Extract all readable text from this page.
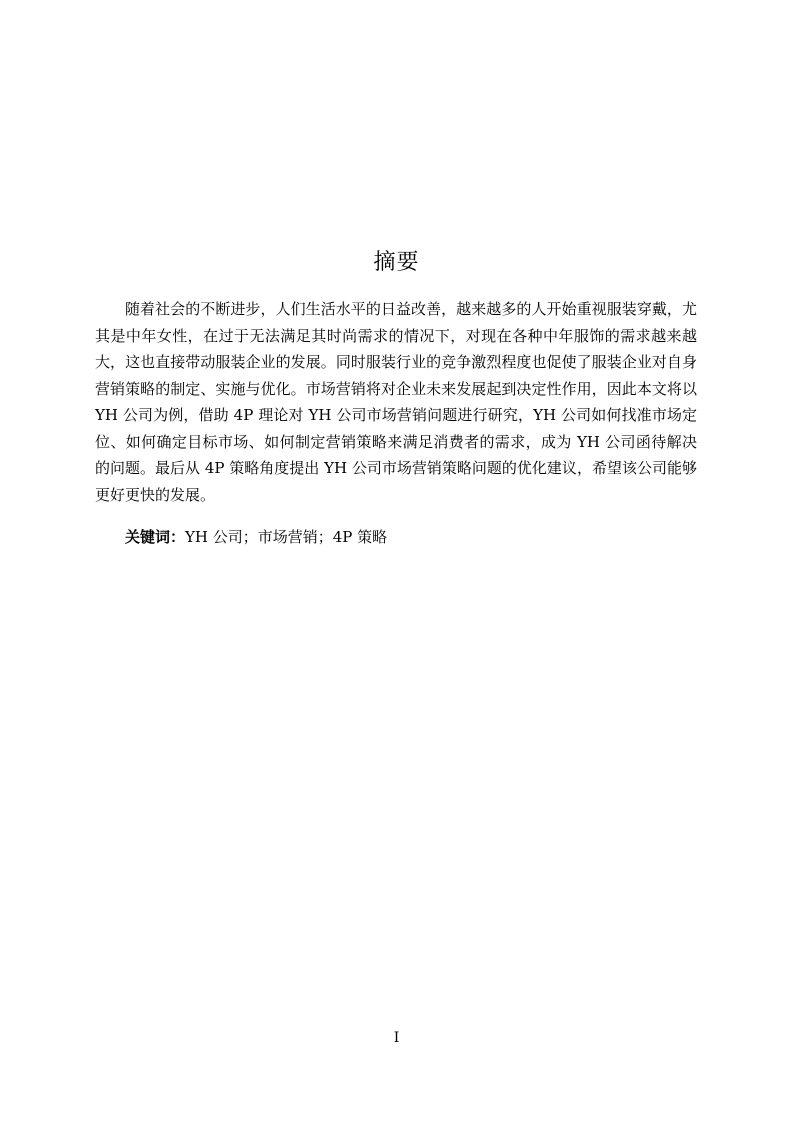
摘要

随着社会的不断进步，人们生活水平的日益改善，越来越多的人开始重视服装穿戴，尤其是中年女性，在过于无法满足其时尚需求的情况下，对现在各种中年服饰的需求越来越大，这也直接带动服装企业的发展。同时服装行业的竞争激烈程度也促使了服装企业对自身营销策略的制定、实施与优化。市场营销将对企业未来发展起到决定性作用，因此本文将以 YH 公司为例，借助 4P 理论对 YH 公司市场营销问题进行研究，YH 公司如何找准市场定位、如何确定目标市场、如何制定营销策略来满足消费者的需求，成为 YH 公司函待解决的问题。最后从 4P 策略角度提出 YH 公司市场营销策略问题的优化建议，希望该公司能够更好更快的发展。

关键词：YH 公司；市场营销；4P 策略
I
